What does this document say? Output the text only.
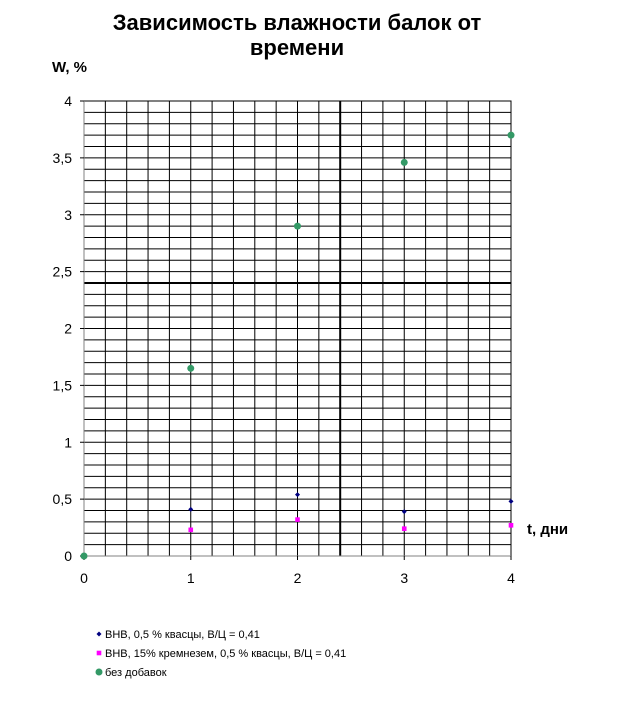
Зависимость влажности балок от
времени
W, %
t, дни
0
0,5
1
1,5
2
2,5
3
3,5
4
0	1	2	3	4
ВНВ, 0,5 % квасцы, В/Ц = 0,41
ВНВ, 15% кремнезем, 0,5 % квасцы, В/Ц = 0,41
без добавок
